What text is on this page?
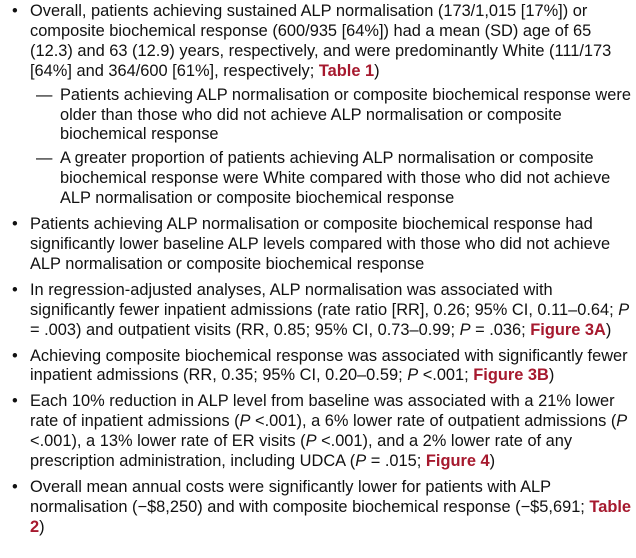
• Overall, patients achieving sustained ALP normalisation (173/1,015 [17%]) or composite biochemical response (600/935 [64%]) had a mean (SD) age of 65 (12.3) and 63 (12.9) years, respectively, and were predominantly White (111/173 [64%] and 364/600 [61%], respectively; Table 1)
— Patients achieving ALP normalisation or composite biochemical response were older than those who did not achieve ALP normalisation or composite biochemical response
— A greater proportion of patients achieving ALP normalisation or composite biochemical response were White compared with those who did not achieve ALP normalisation or composite biochemical response
• Patients achieving ALP normalisation or composite biochemical response had significantly lower baseline ALP levels compared with those who did not achieve ALP normalisation or composite biochemical response
• In regression-adjusted analyses, ALP normalisation was associated with significantly fewer inpatient admissions (rate ratio [RR], 0.26; 95% CI, 0.11–0.64; P = .003) and outpatient visits (RR, 0.85; 95% CI, 0.73–0.99; P = .036; Figure 3A)
• Achieving composite biochemical response was associated with significantly fewer inpatient admissions (RR, 0.35; 95% CI, 0.20–0.59; P <.001; Figure 3B)
• Each 10% reduction in ALP level from baseline was associated with a 21% lower rate of inpatient admissions (P <.001), a 6% lower rate of outpatient admissions (P <.001), a 13% lower rate of ER visits (P <.001), and a 2% lower rate of any prescription administration, including UDCA (P = .015; Figure 4)
• Overall mean annual costs were significantly lower for patients with ALP normalisation (−$8,250) and with composite biochemical response (−$5,691; Table 2)
